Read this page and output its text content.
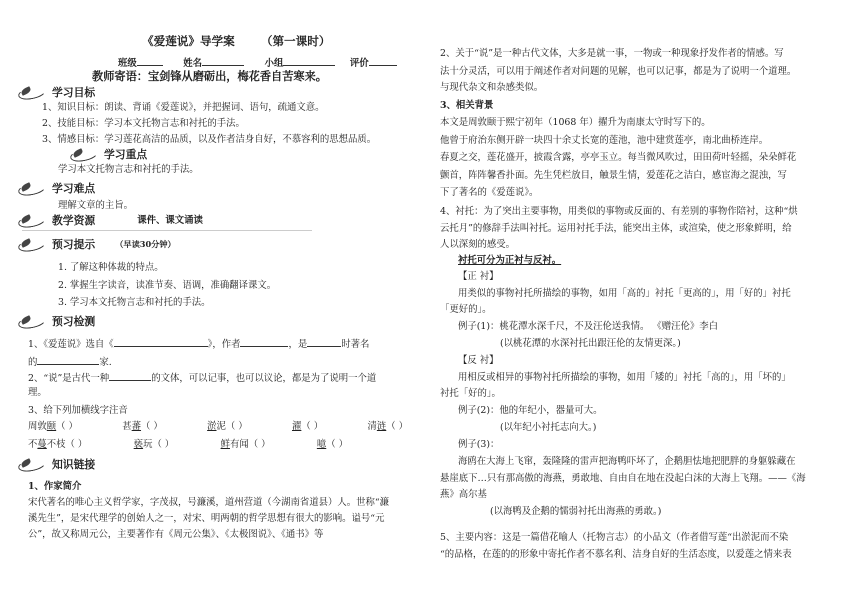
《爱莲说》导学案 （第一课时）
班级	姓名	小组	评价
教师寄语：宝剑锋从磨砺出，梅花香自苦寒来。
学习目标
1、知识目标：朗读、背诵《爱莲说》，并把握词、语句，疏通文意。
2、技能目标：学习本文托物言志和衬托的手法。
3、情感目标：学习莲花高洁的品质，以及作者洁身自好，不慕容利的思想品质。
学习重点
学习本文托物言志和衬托的手法。
学习难点
理解文章的主旨。
教学资源	课件、课文诵读
预习提示 （早读30分钟）
1. 了解这种体裁的特点。
2. 掌握生字读音，读准节奏、语调，准确翻译课文。
3. 学习本文托物言志和衬托的手法。
预习检测
1、《爱莲说》选自《	》，作者	，是	时著名
的	家.
2、“说”是古代一种	的文体，可以记事，也可以议论，都是为了说明一个道
理。
3、给下列加横线字注音
周敦颐（ ）	甚蕃（ ）	淤泥（ ）	濯（ ）	清涟（ ）
不蔓不枝（ ）	亵玩（ ）	鲜有闻（ ）	噫（ ）
知识链接
1、作家简介
宋代著名的唯心主义哲学家，字茂叔，号濂溪，道州营道（今湖南省道县）人。世称“濂
溪先生”，是宋代理学的创始人之一，对宋、明两朝的哲学思想有很大的影响。谥号“元
公”，故又称周元公，主要著作有《周元公集》、《太极图说》、《通书》等
2、关于“说”是一种古代文体，大多是就一事，一物或一种现象抒发作者的情感。写
法十分灵活，可以用于阐述作者对问题的见解，也可以记事，都是为了说明一个道理。
与现代杂文和杂感类似。
3、相关背景
本文是周敦颐于熙宁初年（1068 年）擢升为南康太守时写下的。
他曾于府治东侧开辟一块四十余丈长宽的莲池，池中建赏莲亭，南北曲桥连岸。
春夏之交，莲花盛开，披霞含露，亭亭玉立。每当微风吹过，田田荷叶轻摇，朵朵鲜花
颤首，阵阵馨香扑面。先生凭栏放目，触景生情，爱莲花之洁白，感宦海之混浊，写
下了著名的《爱莲说》。
4、衬托：为了突出主要事物，用类似的事物或反面的、有差别的事物作陪衬，这种“烘
云托月”的修辞手法叫衬托。运用衬托手法，能突出主体，或渲染，使之形象鲜明，给
人以深刻的感受。
衬托可分为正衬与反衬。
【正 衬】
用类似的事物衬托所描绘的事物，如用「高的」衬托「更高的」，用「好的」衬托
「更好的」。
例子(1)：桃花潭水深千尺，不及汪伦送我情。 《赠汪伦》李白
(以桃花潭的水深衬托出跟汪伦的友情更深。)
【反 衬】
用相反或相异的事物衬托所描绘的事物，如用「矮的」衬托「高的」，用「坏的」
衬托「好的」。
例子(2)：他的年纪小，器量可大。
(以年纪小衬托志向大。)
例子(3)：
海鸥在大海上飞窜，轰隆隆的雷声把海鸭吓坏了，企鹅胆怯地把肥胖的身躯躲藏在
悬崖底下…只有那高傲的海燕，勇敢地、自由自在地在没起白沫的大海上飞翔。——《海
燕》高尔基
(以海鸭及企鹅的懦弱衬托出海燕的勇敢。)
5、主要内容：这是一篇借花喻人（托物言志）的小品文（作者借写莲“出淤泥而不染
“的品格，在莲的的形象中寄托作者不慕名利、洁身自好的生活态度，以爱莲之情来表
